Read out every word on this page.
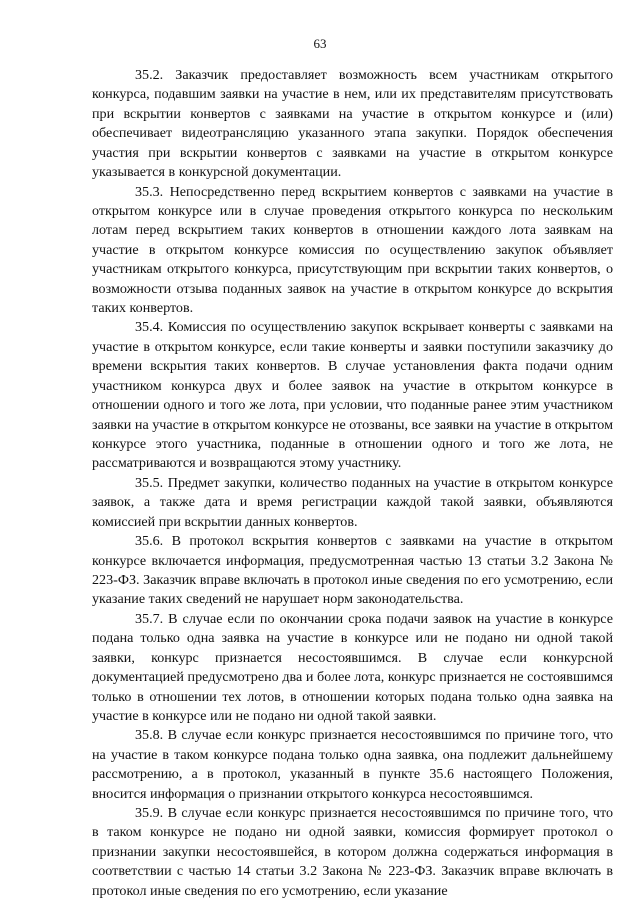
63

35.2. Заказчик предоставляет возможность всем участникам открытого конкурса, подавшим заявки на участие в нем, или их представителям присутствовать при вскрытии конвертов с заявками на участие в открытом конкурсе и (или) обеспечивает видеотрансляцию указанного этапа закупки. Порядок обеспечения участия при вскрытии конвертов с заявками на участие в открытом конкурсе указывается в конкурсной документации.

35.3. Непосредственно перед вскрытием конвертов с заявками на участие в открытом конкурсе или в случае проведения открытого конкурса по нескольким лотам перед вскрытием таких конвертов в отношении каждого лота заявкам на участие в открытом конкурсе комиссия по осуществлению закупок объявляет участникам открытого конкурса, присутствующим при вскрытии таких конвертов, о возможности отзыва поданных заявок на участие в открытом конкурсе до вскрытия таких конвертов.

35.4. Комиссия по осуществлению закупок вскрывает конверты с заявками на участие в открытом конкурсе, если такие конверты и заявки поступили заказчику до времени вскрытия таких конвертов. В случае установления факта подачи одним участником конкурса двух и более заявок на участие в открытом конкурсе в отношении одного и того же лота, при условии, что поданные ранее этим участником заявки на участие в открытом конкурсе не отозваны, все заявки на участие в открытом конкурсе этого участника, поданные в отношении одного и того же лота, не рассматриваются и возвращаются этому участнику.

35.5. Предмет закупки, количество поданных на участие в открытом конкурсе заявок, а также дата и время регистрации каждой такой заявки, объявляются комиссией при вскрытии данных конвертов.

35.6. В протокол вскрытия конвертов с заявками на участие в открытом конкурсе включается информация, предусмотренная частью 13 статьи 3.2 Закона № 223-ФЗ. Заказчик вправе включать в протокол иные сведения по его усмотрению, если указание таких сведений не нарушает норм законодательства.

35.7. В случае если по окончании срока подачи заявок на участие в конкурсе подана только одна заявка на участие в конкурсе или не подано ни одной такой заявки, конкурс признается несостоявшимся. В случае если конкурсной документацией предусмотрено два и более лота, конкурс признается не состоявшимся только в отношении тех лотов, в отношении которых подана только одна заявка на участие в конкурсе или не подано ни одной такой заявки.

35.8. В случае если конкурс признается несостоявшимся по причине того, что на участие в таком конкурсе подана только одна заявка, она подлежит дальнейшему рассмотрению, а в протокол, указанный в пункте 35.6 настоящего Положения, вносится информация о признании открытого конкурса несостоявшимся.

35.9. В случае если конкурс признается несостоявшимся по причине того, что в таком конкурсе не подано ни одной заявки, комиссия формирует протокол о признании закупки несостоявшейся, в котором должна содержаться информация в соответствии с частью 14 статьи 3.2 Закона № 223-ФЗ. Заказчик вправе включать в протокол иные сведения по его усмотрению, если указание
